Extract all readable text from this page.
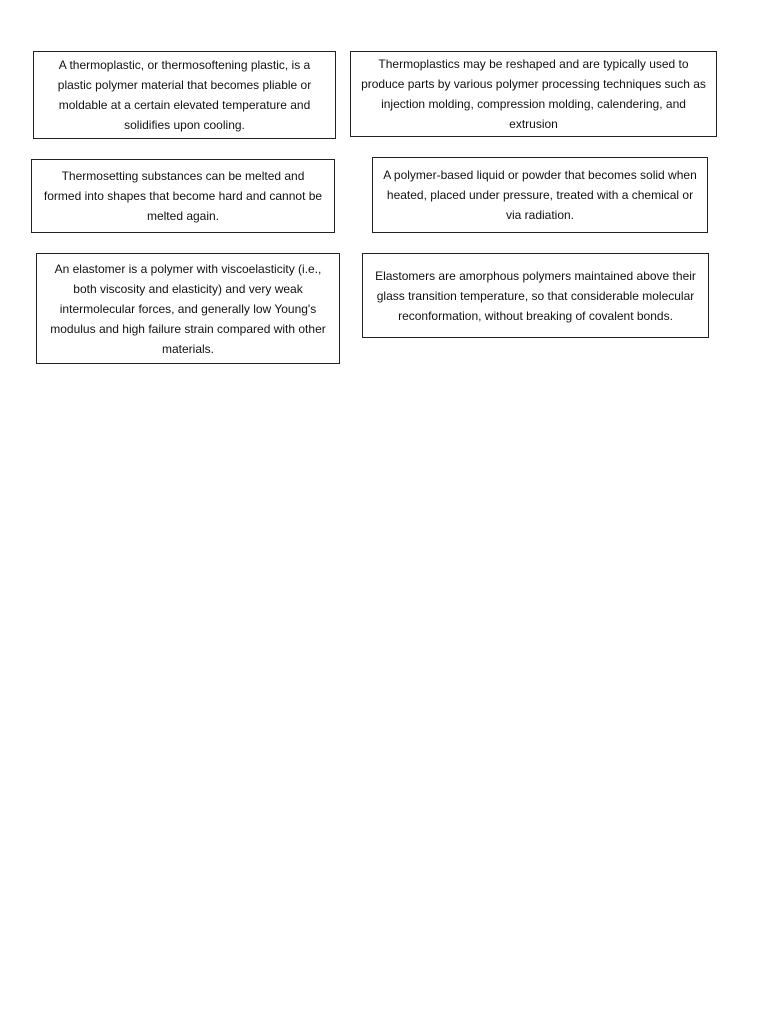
A thermoplastic, or thermosoftening plastic, is a plastic polymer material that becomes pliable or moldable at a certain elevated temperature and solidifies upon cooling.

Thermoplastics may be reshaped and are typically used to produce parts by various polymer processing techniques such as injection molding, compression molding, calendering, and extrusion

Thermosetting substances can be melted and formed into shapes that become hard and cannot be melted again.

A polymer-based liquid or powder that becomes solid when heated, placed under pressure, treated with a chemical or via radiation.

An elastomer is a polymer with viscoelasticity (i.e., both viscosity and elasticity) and very weak intermolecular forces, and generally low Young's modulus and high failure strain compared with other materials.

Elastomers are amorphous polymers maintained above their glass transition temperature, so that considerable molecular reconformation, without breaking of covalent bonds.
